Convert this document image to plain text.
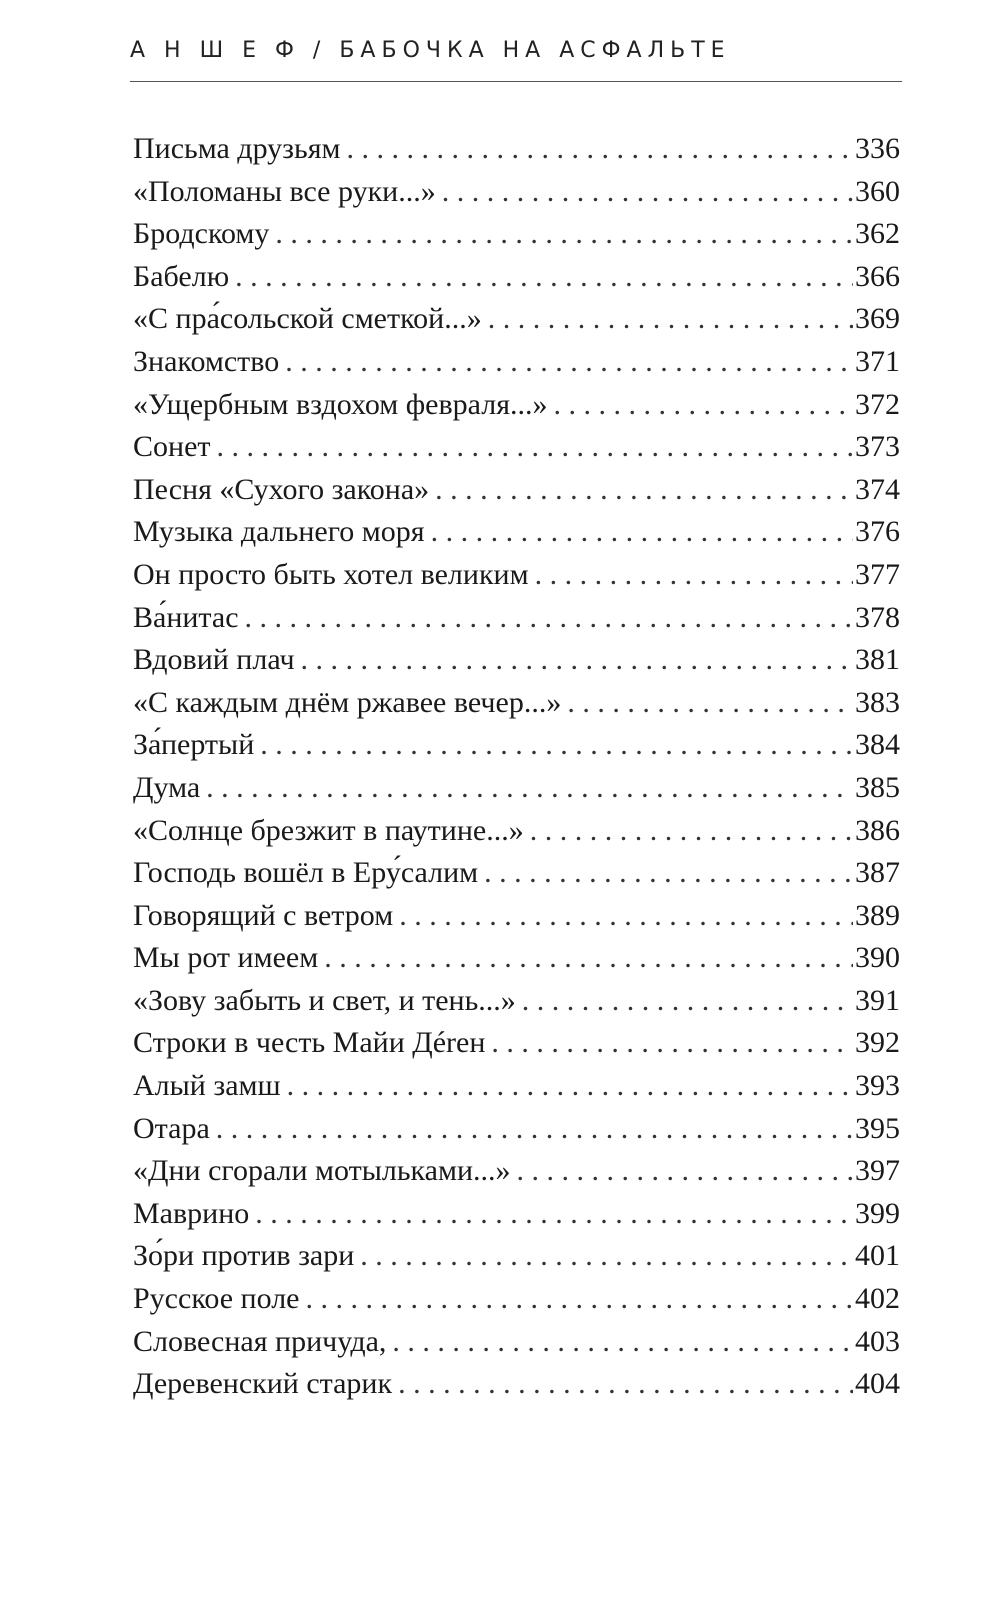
А Н Ш Е Ф / БАБОЧКА НА АСФАЛЬТЕ
Письма друзьям . . .	336
«Поломаны все руки...» . . .	360
Бродскому . . .	362
Бабелю . . .	366
«С пра́сольской сметкой...» . . .	369
Знакомство . . .	371
«Ущербным вздохом февраля...» . . .	372
Сонет . . .	373
Песня «Сухого закона» . . .	374
Музыка дальнего моря . . .	376
Он просто быть хотел великим . . .	377
Ва́нитас . . .	378
Вдовий плач . . .	381
«С каждым днём ржавее вечер...» . . .	383
За́пертый . . .	384
Дума . . .	385
«Солнце брезжит в паутине...» . . .	386
Господь вошёл в Еру́салим . . .	387
Говорящий с ветром . . .	389
Мы рот имеем . . .	390
«Зову забыть и свет, и тень...» . . .	391
Строки в честь Майи Дérен . . .	392
Алый замш . . .	393
Отара . . .	395
«Дни сгорали мотыльками...» . . .	397
Маврино . . .	399
Зо́ри против зари . . .	401
Русское поле . . .	402
Словесная причуда, . . .	403
Деревенский старик . . .	404
